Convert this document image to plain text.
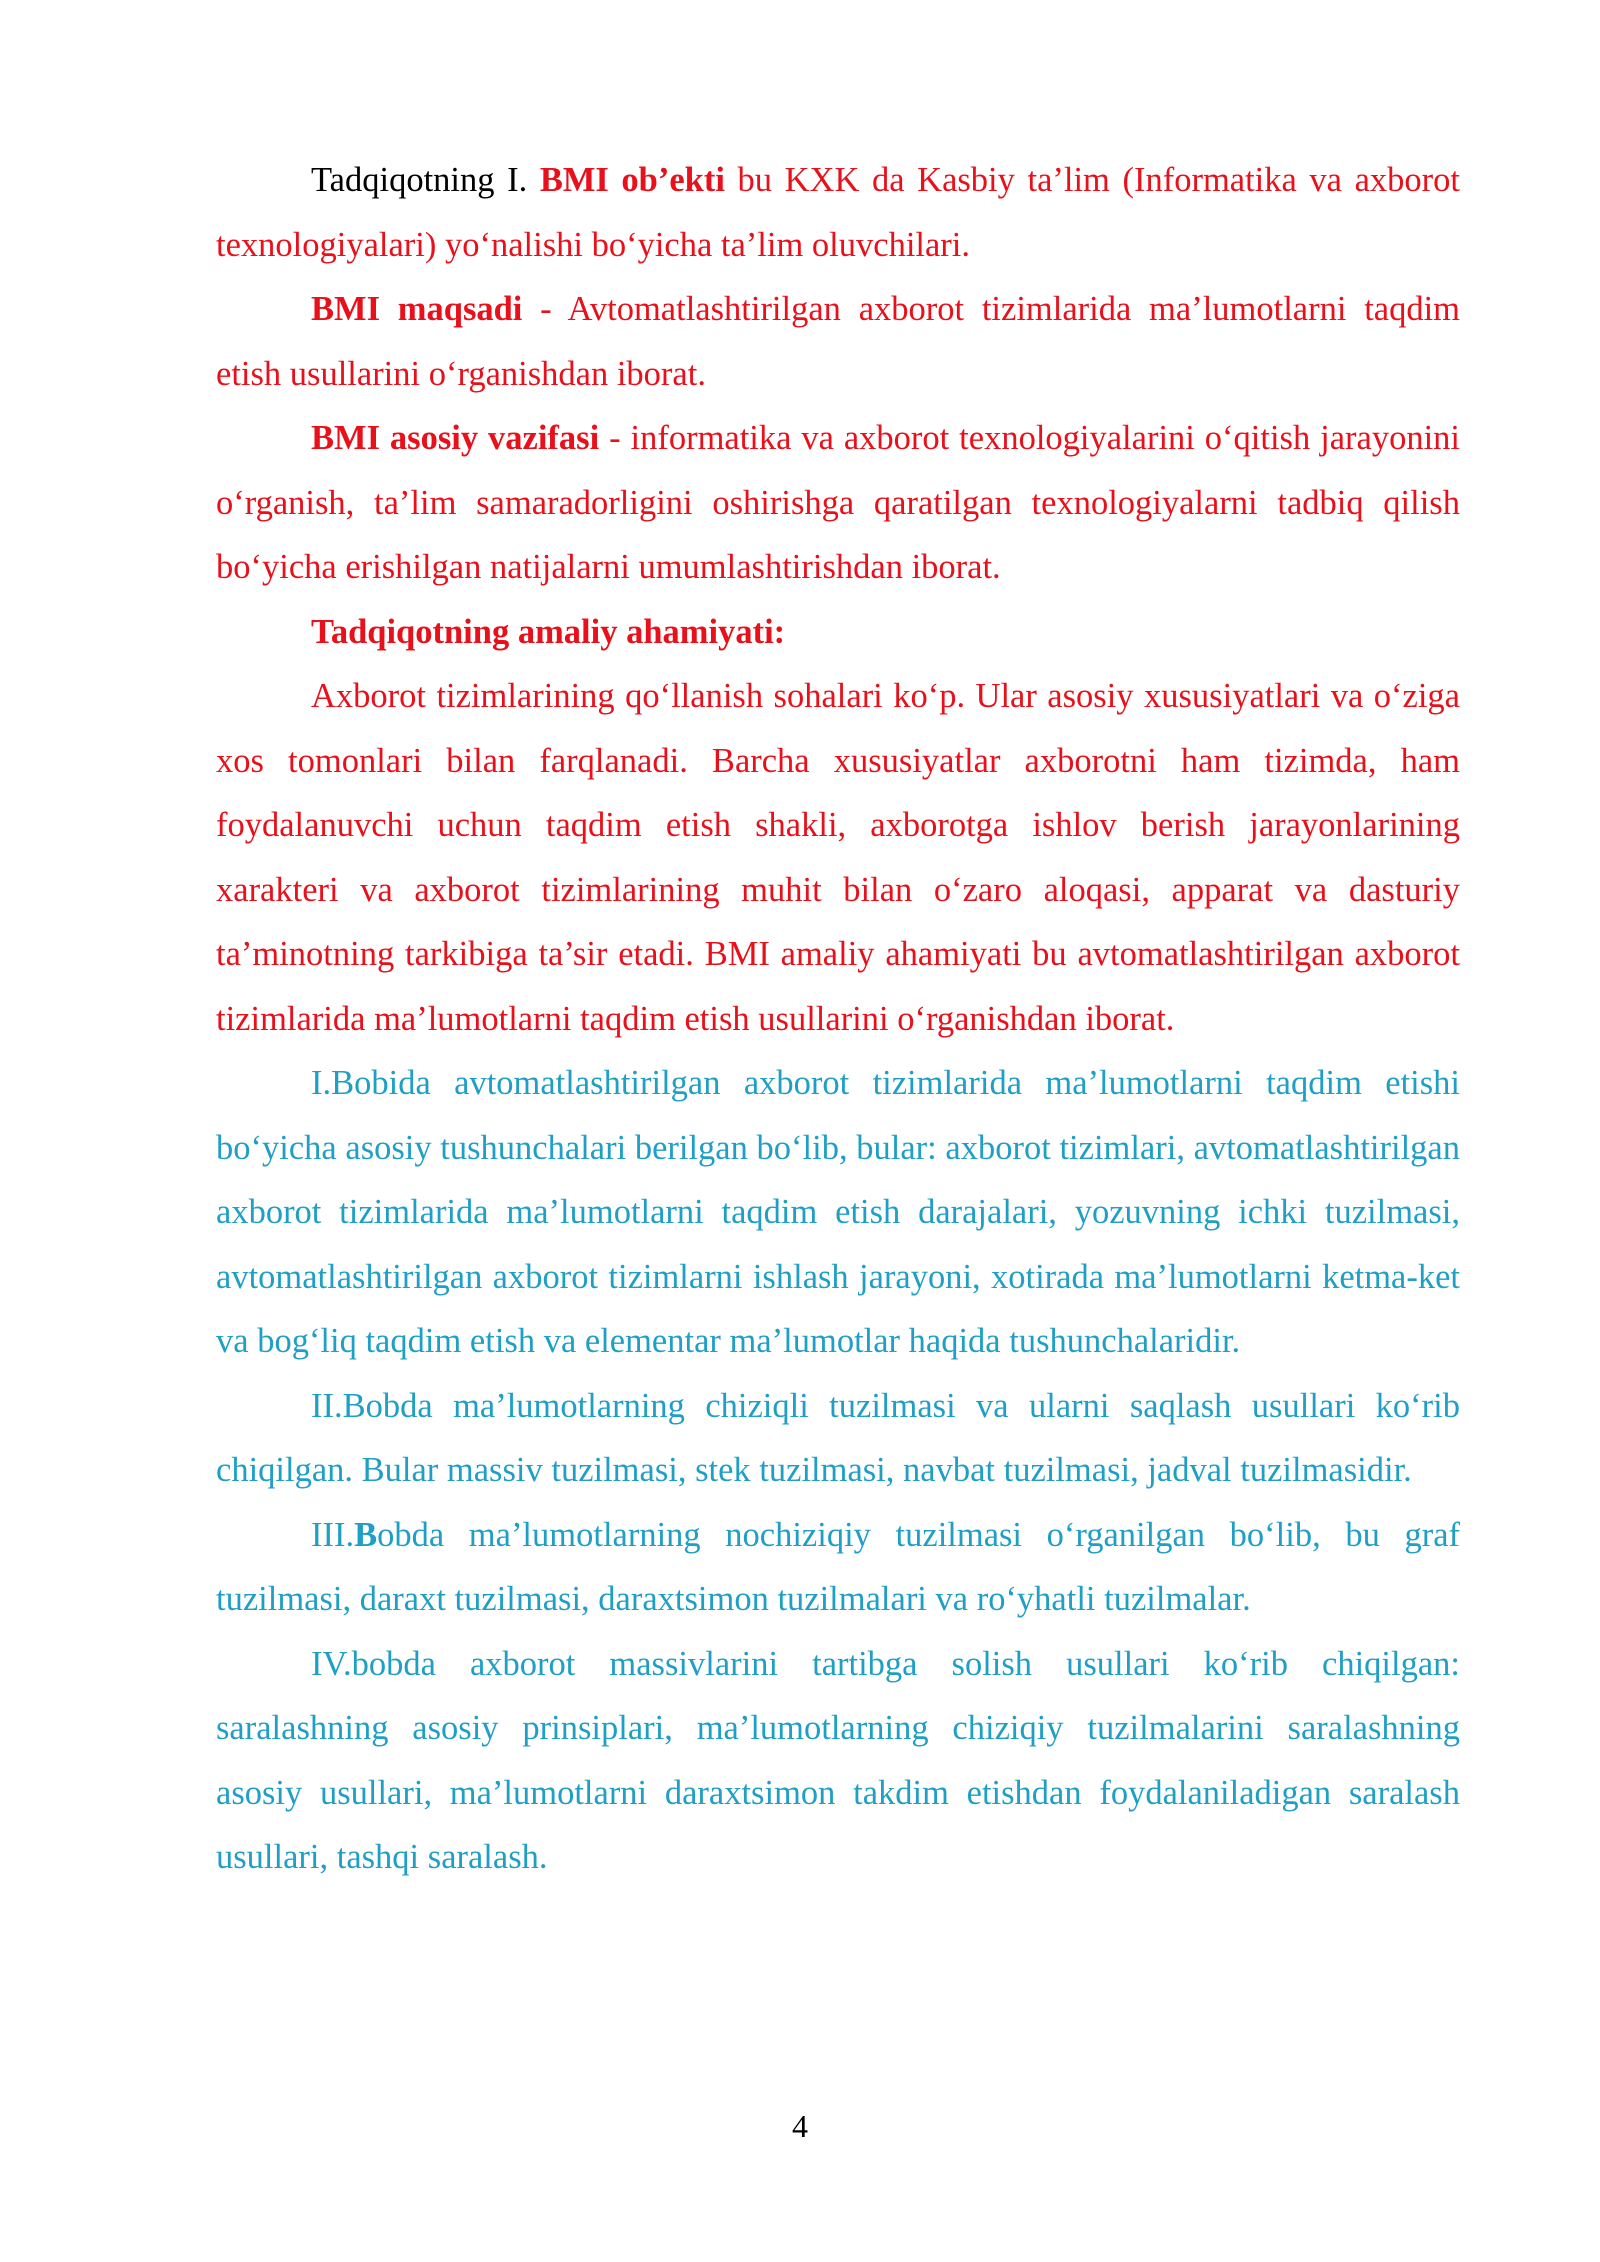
Tadqiqotning I. BMI ob’ekti bu KXK da Kasbiy ta’lim (Informatika va axborot texnologiyalari) yo‘nalishi bo‘yicha ta’lim oluvchilari.

BMI maqsadi - Avtomatlashtirilgan axborot tizimlarida ma’lumotlarni taqdim etish usullarini o‘rganishdan iborat.

BMI asosiy vazifasi - informatika va axborot texnologiyalarini o‘qitish jarayonini o‘rganish, ta’lim samaradorligini oshirishga qaratilgan texnologiyalarni tadbiq qilish bo‘yicha erishilgan natijalarni umumlashtirishdan iborat.

Tadqiqotning amaliy ahamiyati:

Axborot tizimlarining qo‘llanish sohalari ko‘p. Ular asosiy xususiyatlari va o‘ziga xos tomonlari bilan farqlanadi. Barcha xususiyatlar axborotni ham tizimda, ham foydalanuvchi uchun taqdim etish shakli, axborotga ishlov berish jarayonlarining xarakteri va axborot tizimlarining muhit bilan o‘zaro aloqasi, apparat va dasturiy ta’minotning tarkibiga ta’sir etadi. BMI amaliy ahamiyati bu avtomatlashtirilgan axborot tizimlarida ma’lumotlarni taqdim etish usullarini o‘rganishdan iborat.

I.Bobida avtomatlashtirilgan axborot tizimlarida ma’lumotlarni taqdim etishi bo‘yicha asosiy tushunchalari berilgan bo‘lib, bular: axborot tizimlari, avtomatlashtirilgan axborot tizimlarida ma’lumotlarni taqdim etish darajalari, yozuvning ichki tuzilmasi, avtomatlashtirilgan axborot tizimlarni ishlash jarayoni, xotirada ma’lumotlarni ketma-ket va bog‘liq taqdim etish va elementar ma’lumotlar haqida tushunchalaridir.

II.Bobda ma’lumotlarning chiziqli tuzilmasi va ularni saqlash usullari ko‘rib chiqilgan. Bular massiv tuzilmasi, stek tuzilmasi, navbat tuzilmasi, jadval tuzilmasidir.

III.Bobda ma’lumotlarning nochiziqiy tuzilmasi o‘rganilgan bo‘lib, bu graf tuzilmasi, daraxt tuzilmasi, daraxtsimon tuzilmalari va ro‘yhatli tuzilmalar.

IV.bobda axborot massivlarini tartibga solish usullari ko‘rib chiqilgan: saralashning asosiy prinsiplari, ma’lumotlarning chiziqiy tuzilmalarini saralashning asosiy usullari, ma’lumotlarni daraxtsimon takdim etishdan foydalaniladigan saralash usullari, tashqi saralash.

4
